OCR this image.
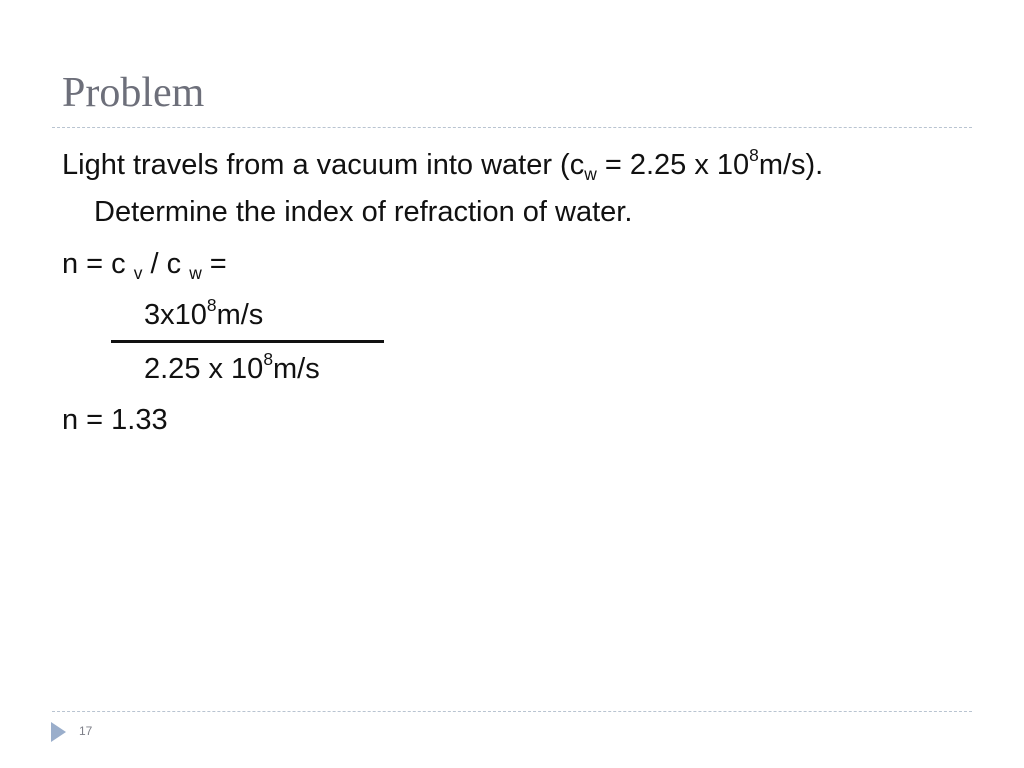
Problem
Light travels from a vacuum into water ($c_w = 2.25$ x $10^8m/s$).
Determine the index of refraction of water.
n = c $_v$ / c $_w$ =
$3x10^8m/s$
2.25 x $10^8m/s$
n = 1.33
17
